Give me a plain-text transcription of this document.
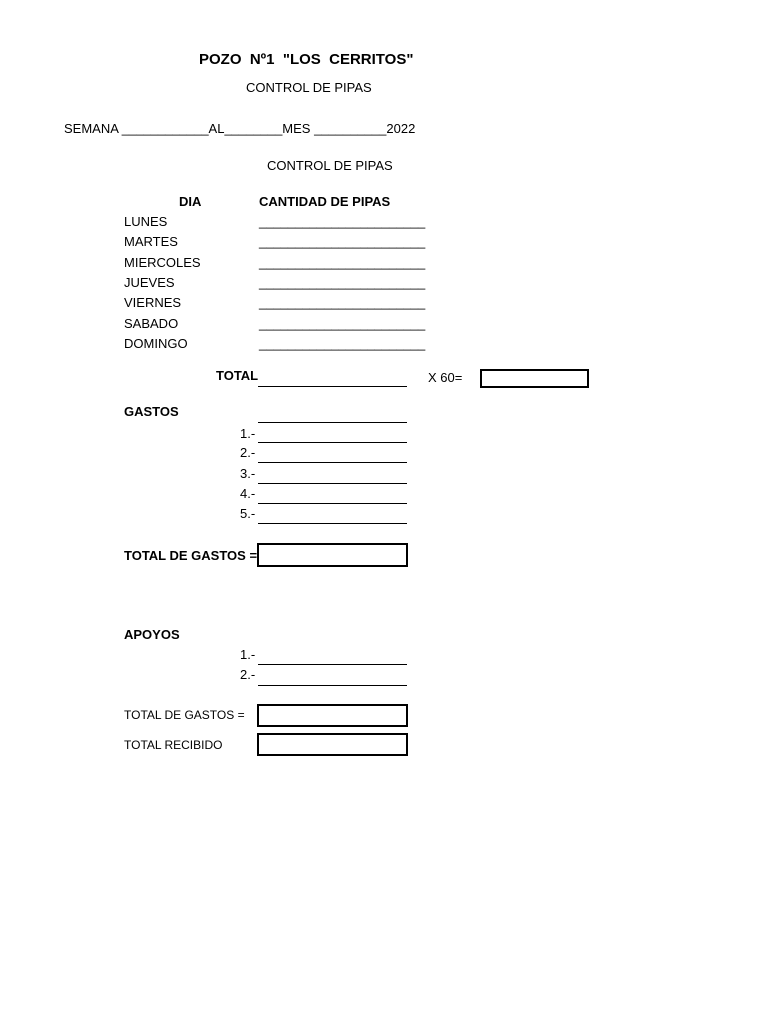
POZO  Nº1  "LOS  CERRITOS"
CONTROL DE PIPAS
SEMANA ____________AL________MES __________2022
CONTROL DE PIPAS
DIA	CANTIDAD DE PIPAS
LUNES	_______________________
MARTES	_______________________
MIERCOLES	_______________________
JUEVES	_______________________
VIERNES	_______________________
SABADO	_______________________
DOMINGO	_______________________
TOTAL	X 60=
GASTOS
1.-
2.-
3.-
4.-
5.-
TOTAL DE GASTOS =
APOYOS
1.-
2.-
TOTAL DE GASTOS =
TOTAL RECIBIDO
